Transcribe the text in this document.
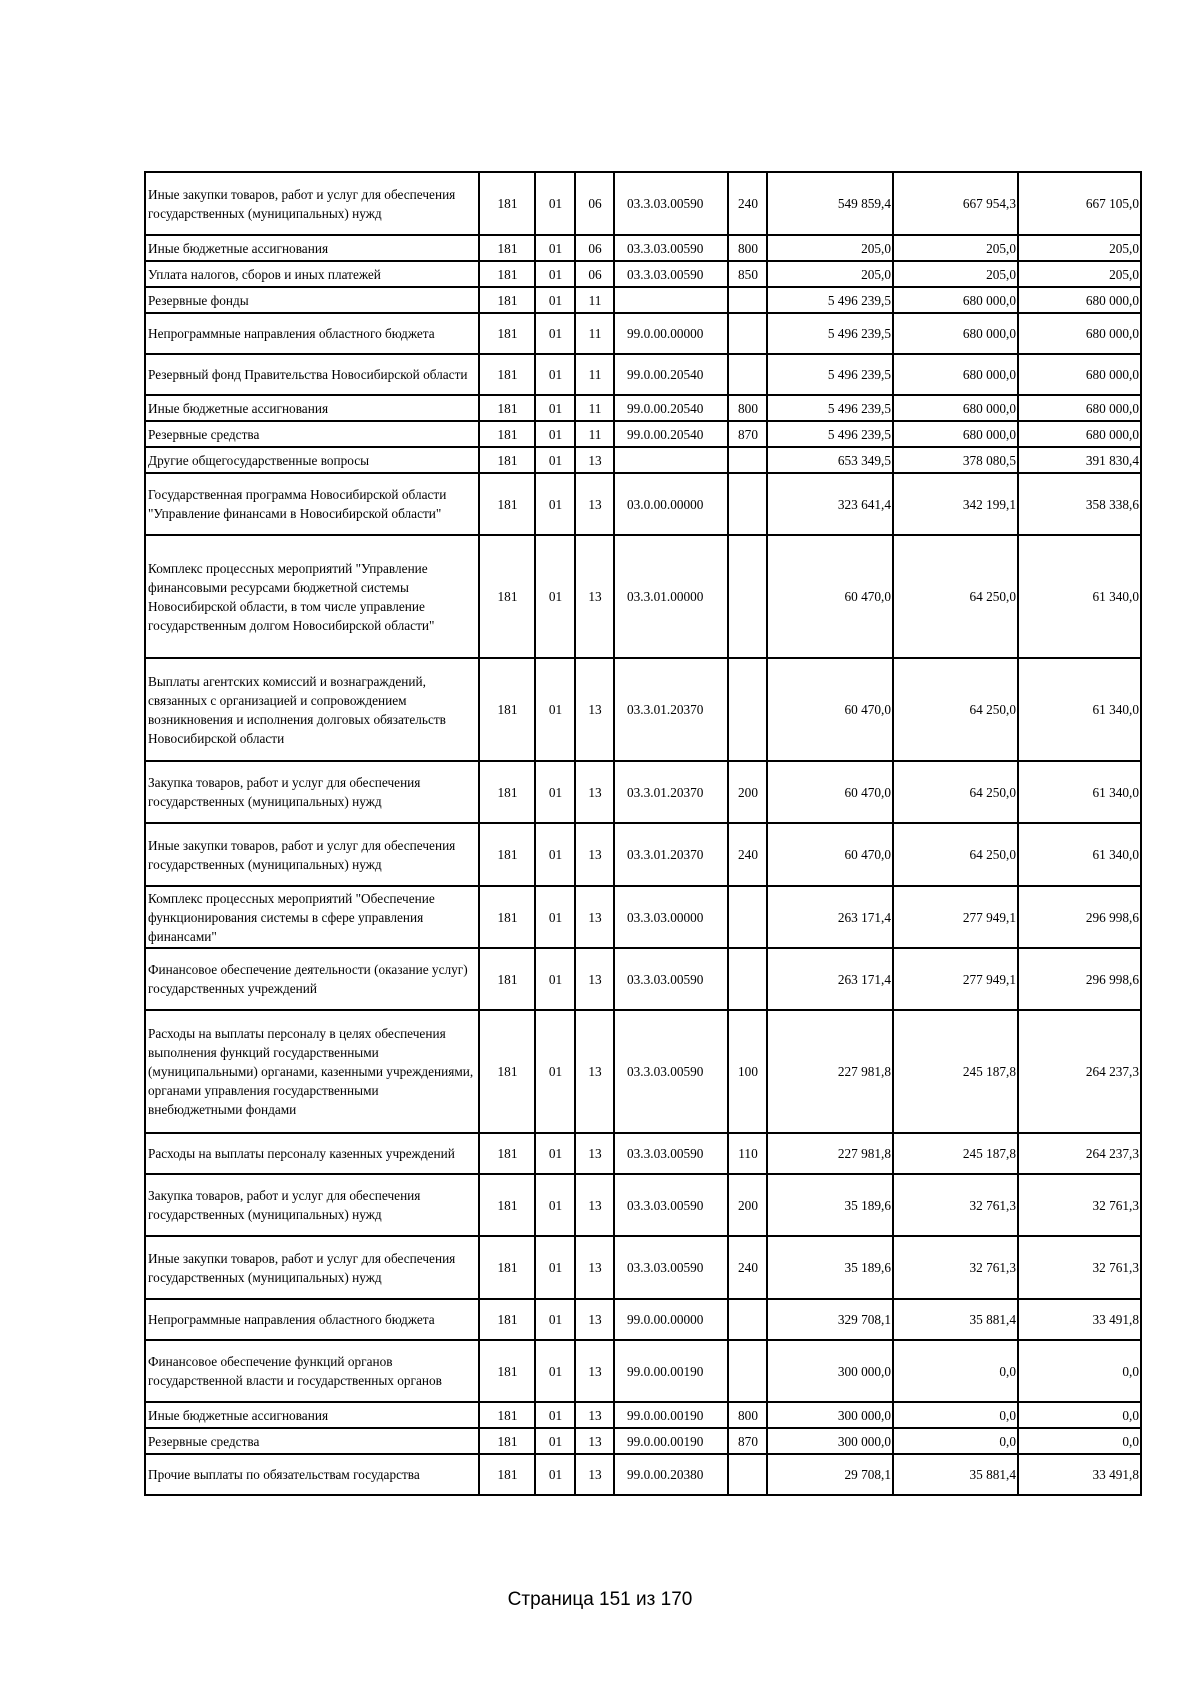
Иные закупки товаров, работ и услуг для обеспечения государственных (муниципальных) нужд	181	01	06	03.3.03.00590	240	549 859,4	667 954,3	667 105,0
Иные бюджетные ассигнования	181	01	06	03.3.03.00590	800	205,0	205,0	205,0
Уплата налогов, сборов и иных платежей	181	01	06	03.3.03.00590	850	205,0	205,0	205,0
Резервные фонды	181	01	11			5 496 239,5	680 000,0	680 000,0
Непрограммные направления областного бюджета	181	01	11	99.0.00.00000		5 496 239,5	680 000,0	680 000,0
Резервный фонд Правительства Новосибирской области	181	01	11	99.0.00.20540		5 496 239,5	680 000,0	680 000,0
Иные бюджетные ассигнования	181	01	11	99.0.00.20540	800	5 496 239,5	680 000,0	680 000,0
Резервные средства	181	01	11	99.0.00.20540	870	5 496 239,5	680 000,0	680 000,0
Другие общегосударственные вопросы	181	01	13			653 349,5	378 080,5	391 830,4
Государственная программа Новосибирской области "Управление финансами в Новосибирской области"	181	01	13	03.0.00.00000		323 641,4	342 199,1	358 338,6
Комплекс процессных мероприятий "Управление финансовыми ресурсами бюджетной системы Новосибирской области, в том числе управление государственным долгом Новосибирской области"	181	01	13	03.3.01.00000		60 470,0	64 250,0	61 340,0
Выплаты агентских комиссий и вознаграждений, связанных с организацией и сопровождением возникновения и исполнения долговых обязательств Новосибирской области	181	01	13	03.3.01.20370		60 470,0	64 250,0	61 340,0
Закупка товаров, работ и услуг для обеспечения государственных (муниципальных) нужд	181	01	13	03.3.01.20370	200	60 470,0	64 250,0	61 340,0
Иные закупки товаров, работ и услуг для обеспечения государственных (муниципальных) нужд	181	01	13	03.3.01.20370	240	60 470,0	64 250,0	61 340,0
Комплекс процессных мероприятий "Обеспечение функционирования системы в сфере управления финансами"	181	01	13	03.3.03.00000		263 171,4	277 949,1	296 998,6
Финансовое обеспечение деятельности (оказание услуг) государственных учреждений	181	01	13	03.3.03.00590		263 171,4	277 949,1	296 998,6
Расходы на выплаты персоналу в целях обеспечения выполнения функций государственными (муниципальными) органами, казенными учреждениями, органами управления государственными внебюджетными фондами	181	01	13	03.3.03.00590	100	227 981,8	245 187,8	264 237,3
Расходы на выплаты персоналу казенных учреждений	181	01	13	03.3.03.00590	110	227 981,8	245 187,8	264 237,3
Закупка товаров, работ и услуг для обеспечения государственных (муниципальных) нужд	181	01	13	03.3.03.00590	200	35 189,6	32 761,3	32 761,3
Иные закупки товаров, работ и услуг для обеспечения государственных (муниципальных) нужд	181	01	13	03.3.03.00590	240	35 189,6	32 761,3	32 761,3
Непрограммные направления областного бюджета	181	01	13	99.0.00.00000		329 708,1	35 881,4	33 491,8
Финансовое обеспечение функций органов государственной власти и государственных органов	181	01	13	99.0.00.00190		300 000,0	0,0	0,0
Иные бюджетные ассигнования	181	01	13	99.0.00.00190	800	300 000,0	0,0	0,0
Резервные средства	181	01	13	99.0.00.00190	870	300 000,0	0,0	0,0
Прочие выплаты по обязательствам государства	181	01	13	99.0.00.20380		29 708,1	35 881,4	33 491,8
Страница 151 из 170
